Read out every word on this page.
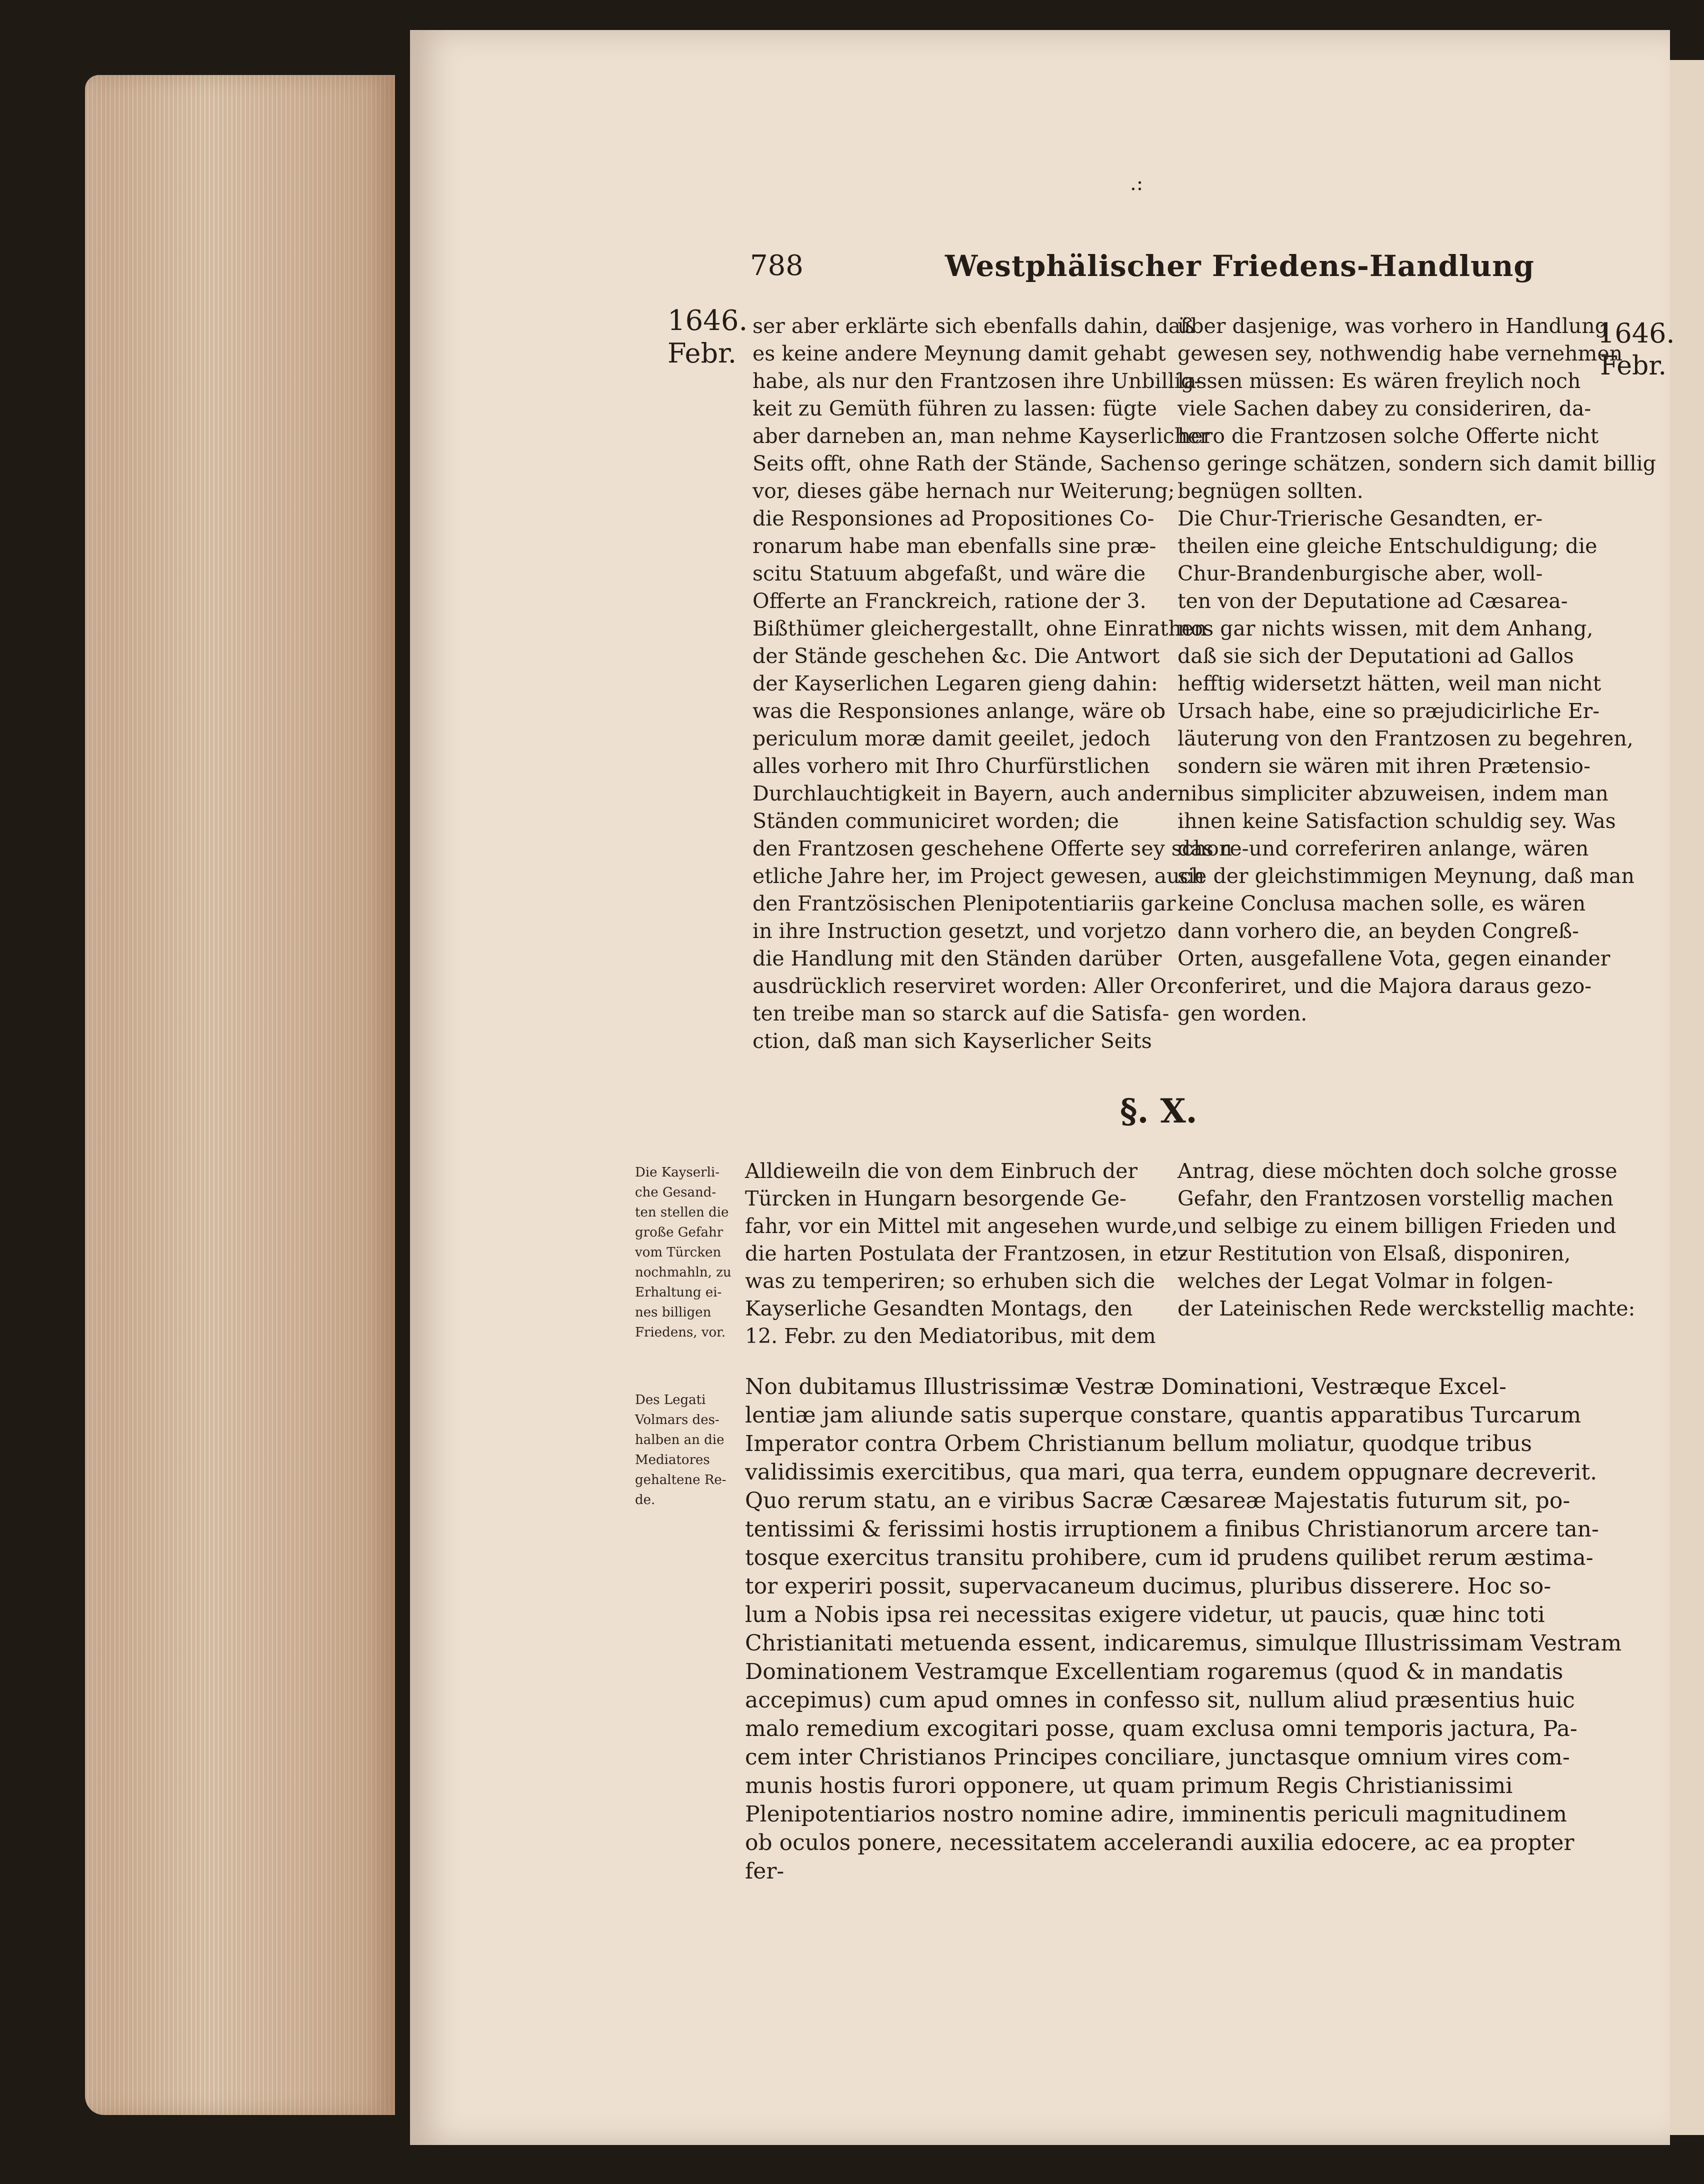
.:
788	Westphälischer Friedens-Handlung
1646.
Febr.
1646.
Febr.
ser aber erklärte sich ebenfalls dahin, daß
es keine andere Meynung damit gehabt
habe, als nur den Frantzosen ihre Unbillig-
keit zu Gemüth führen zu lassen: fügte
aber darneben an, man nehme Kayserlicher
Seits offt, ohne Rath der Stände, Sachen
vor, dieses gäbe hernach nur Weiterung;
die Responsiones ad Propositiones Co-
ronarum habe man ebenfalls sine præ-
scitu Statuum abgefaßt, und wäre die
Offerte an Franckreich, ratione der 3.
Bißthümer gleichergestallt, ohne Einrathen
der Stände geschehen &c. Die Antwort
der Kayserlichen Legaren gieng dahin:
was die Responsiones anlange, wäre ob
periculum moræ damit geeilet, jedoch
alles vorhero mit Ihro Churfürstlichen
Durchlauchtigkeit in Bayern, auch andern
Ständen communiciret worden; die
den Frantzosen geschehene Offerte sey schon
etliche Jahre her, im Project gewesen, auch
den Frantzösischen Plenipotentiariis gar
in ihre Instruction gesetzt, und vorjetzo
die Handlung mit den Ständen darüber
ausdrücklich reserviret worden: Aller Or-
ten treibe man so starck auf die Satisfa-
ction, daß man sich Kayserlicher Seits
über dasjenige, was vorhero in Handlung
gewesen sey, nothwendig habe vernehmen
lassen müssen: Es wären freylich noch
viele Sachen dabey zu consideriren, da-
hero die Frantzosen solche Offerte nicht
so geringe schätzen, sondern sich damit billig
begnügen sollten.
Die Chur-Trierische Gesandten, er-
theilen eine gleiche Entschuldigung; die
Chur-Brandenburgische aber, woll-
ten von der Deputatione ad Cæsarea-
nos gar nichts wissen, mit dem Anhang,
daß sie sich der Deputationi ad Gallos
hefftig widersetzt hätten, weil man nicht
Ursach habe, eine so præjudicirliche Er-
läuterung von den Frantzosen zu begehren,
sondern sie wären mit ihren Prætensio-
nibus simpliciter abzuweisen, indem man
ihnen keine Satisfaction schuldig sey. Was
das re-und correferiren anlange, wären
sie der gleichstimmigen Meynung, daß man
keine Conclusa machen solle, es wären
dann vorhero die, an beyden Congreß-
Orten, ausgefallene Vota, gegen einander
conferiret, und die Majora daraus gezo-
gen worden.
§. X.
Die Kayserli-
che Gesand-
ten stellen die
große Gefahr
vom Türcken
nochmahln, zu
Erhaltung ei-
nes billigen
Friedens, vor.
Des Legati
Volmars des-
halben an die
Mediatores
gehaltene Re-
de.
Alldieweiln die von dem Einbruch der
Türcken in Hungarn besorgende Ge-
fahr, vor ein Mittel mit angesehen wurde,
die harten Postulata der Frantzosen, in et-
was zu temperiren; so erhuben sich die
Kayserliche Gesandten Montags, den
12. Febr. zu den Mediatoribus, mit dem
Antrag, diese möchten doch solche grosse
Gefahr, den Frantzosen vorstellig machen
und selbige zu einem billigen Frieden und
zur Restitution von Elsaß, disponiren,
welches der Legat Volmar in folgen-
der Lateinischen Rede werckstellig machte:
Non dubitamus Illustrissimæ Vestræ Dominationi, Vestræque Excel-
lentiæ jam aliunde satis superque constare, quantis apparatibus Turcarum
Imperator contra Orbem Christianum bellum moliatur, quodque tribus
validissimis exercitibus, qua mari, qua terra, eundem oppugnare decreverit.
Quo rerum statu, an e viribus Sacræ Cæsareæ Majestatis futurum sit, po-
tentissimi & ferissimi hostis irruptionem a finibus Christianorum arcere tan-
tosque exercitus transitu prohibere, cum id prudens quilibet rerum æstima-
tor experiri possit, supervacaneum ducimus, pluribus disserere. Hoc so-
lum a Nobis ipsa rei necessitas exigere videtur, ut paucis, quæ hinc toti
Christianitati metuenda essent, indicaremus, simulque Illustrissimam Vestram
Dominationem Vestramque Excellentiam rogaremus (quod & in mandatis
accepimus) cum apud omnes in confesso sit, nullum aliud præsentius huic
malo remedium excogitari posse, quam exclusa omni temporis jactura, Pa-
cem inter Christianos Principes conciliare, junctasque omnium vires com-
munis hostis furori opponere, ut quam primum Regis Christianissimi
Plenipotentiarios nostro nomine adire, imminentis periculi magnitudinem
ob oculos ponere, necessitatem accelerandi auxilia edocere, ac ea propter
fer-
